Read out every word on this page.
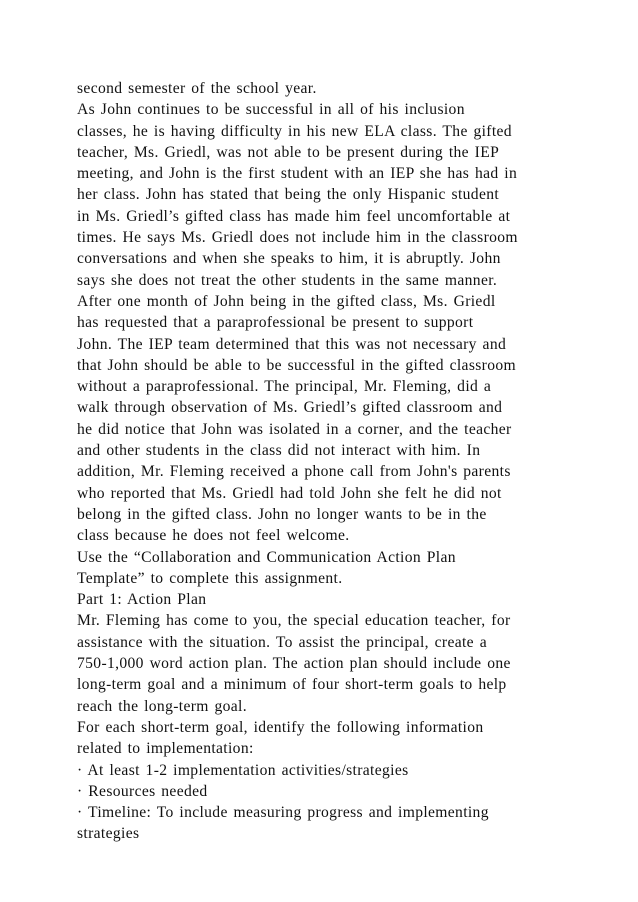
second semester of the school year.
As John continues to be successful in all of his inclusion
classes, he is having difficulty in his new ELA class. The gifted
teacher, Ms. Griedl, was not able to be present during the IEP
meeting, and John is the first student with an IEP she has had in
her class. John has stated that being the only Hispanic student
in Ms. Griedl’s gifted class has made him feel uncomfortable at
times. He says Ms. Griedl does not include him in the classroom
conversations and when she speaks to him, it is abruptly. John
says she does not treat the other students in the same manner.
After one month of John being in the gifted class, Ms. Griedl
has requested that a paraprofessional be present to support
John. The IEP team determined that this was not necessary and
that John should be able to be successful in the gifted classroom
without a paraprofessional. The principal, Mr. Fleming, did a
walk through observation of Ms. Griedl’s gifted classroom and
he did notice that John was isolated in a corner, and the teacher
and other students in the class did not interact with him. In
addition, Mr. Fleming received a phone call from John's parents
who reported that Ms. Griedl had told John she felt he did not
belong in the gifted class. John no longer wants to be in the
class because he does not feel welcome.
Use the “Collaboration and Communication Action Plan
Template” to complete this assignment.
Part 1: Action Plan
Mr. Fleming has come to you, the special education teacher, for
assistance with the situation. To assist the principal, create a
750-1,000 word action plan. The action plan should include one
long-term goal and a minimum of four short-term goals to help
reach the long-term goal.
For each short-term goal, identify the following information
related to implementation:
· At least 1-2 implementation activities/strategies
· Resources needed
· Timeline: To include measuring progress and implementing
strategies
